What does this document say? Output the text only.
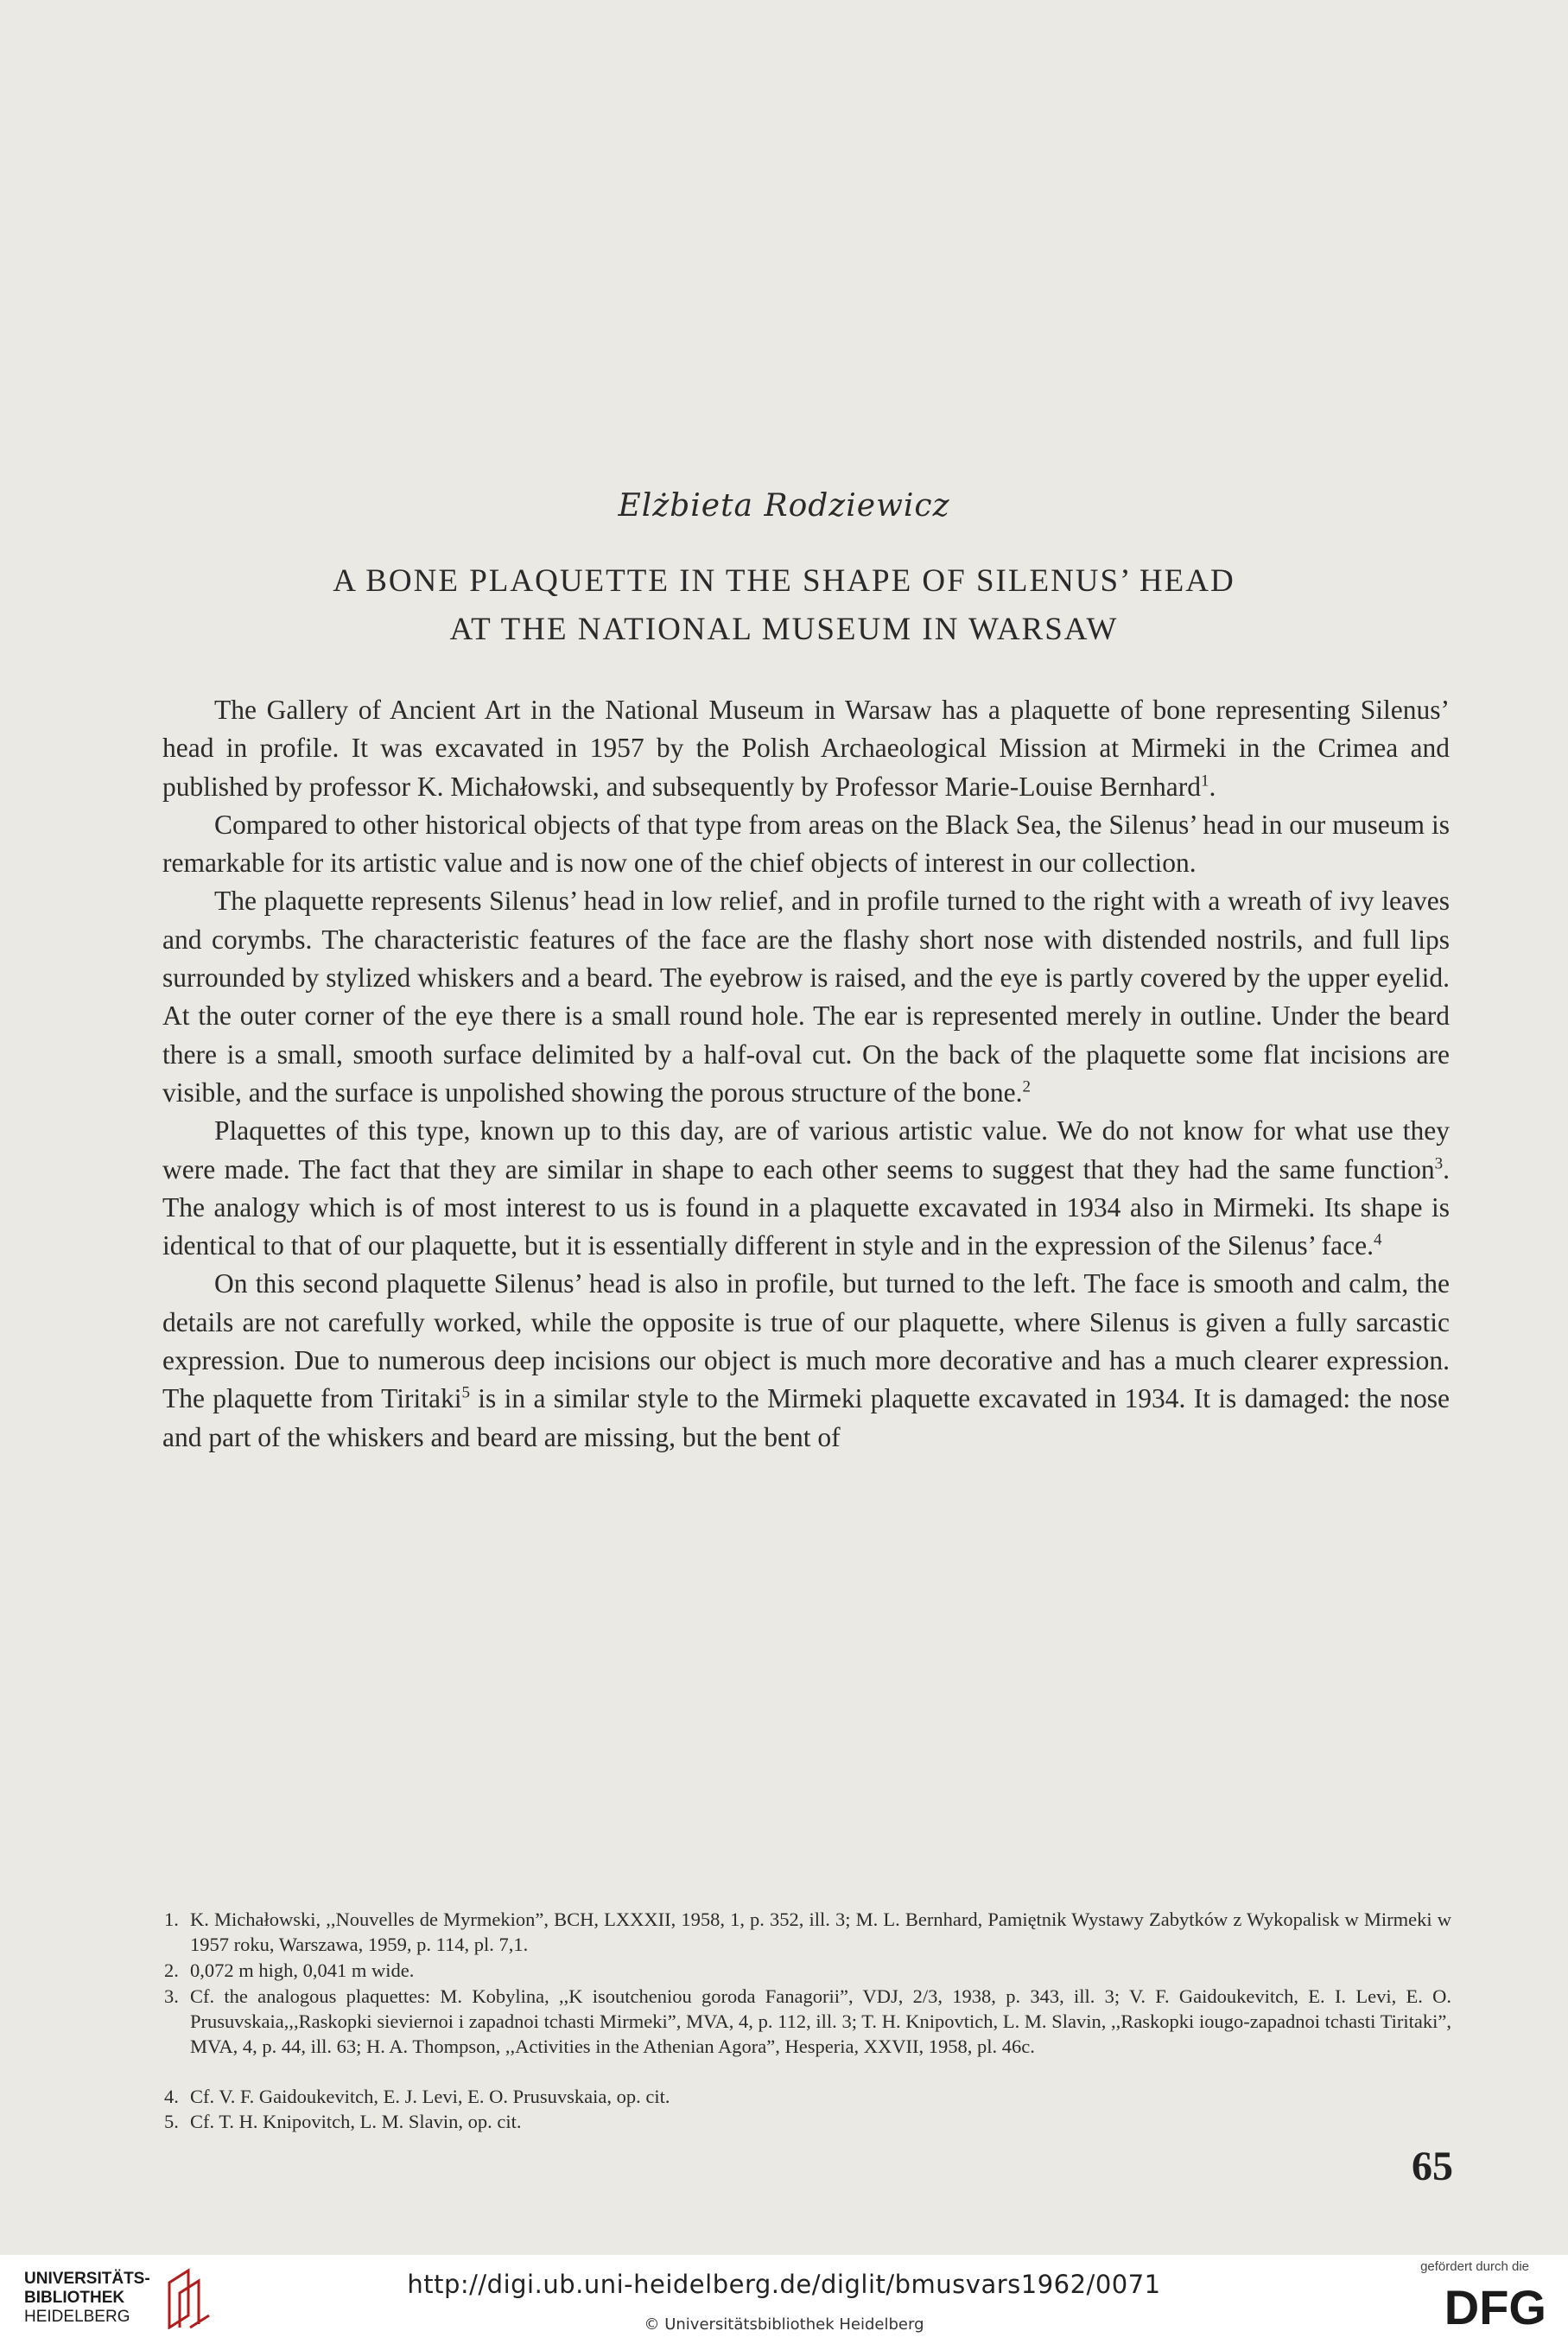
Elżbieta Rodziewicz
A BONE PLAQUETTE IN THE SHAPE OF SILENUS’ HEAD
AT THE NATIONAL MUSEUM IN WARSAW

The Gallery of Ancient Art in the National Museum in Warsaw has a plaquette of bone representing Silenus’ head in profile. It was excavated in 1957 by the Polish Archaeological Mission at Mirmeki in the Crimea and published by professor K. Michałowski, and subsequently by Professor Marie-Louise Bernhard$^1$.

Compared to other historical objects of that type from areas on the Black Sea, the Silenus’ head in our museum is remarkable for its artistic value and is now one of the chief objects of interest in our collection.

The plaquette represents Silenus’ head in low relief, and in profile turned to the right with a wreath of ivy leaves and corymbs. The characteristic features of the face are the flashy short nose with distended nostrils, and full lips surrounded by stylized whiskers and a beard. The eyebrow is raised, and the eye is partly covered by the upper eyelid. At the outer corner of the eye there is a small round hole. The ear is represented merely in outline. Under the beard there is a small, smooth surface delimited by a half-oval cut. On the back of the plaquette some flat incisions are visible, and the surface is unpolished showing the porous structure of the bone.$^2$

Plaquettes of this type, known up to this day, are of various artistic value. We do not know for what use they were made. The fact that they are similar in shape to each other seems to suggest that they had the same function$^3$. The analogy which is of most interest to us is found in a plaquette excavated in 1934 also in Mirmeki. Its shape is identical to that of our plaquette, but it is essentially different in style and in the expression of the Silenus’ face.$^4$

On this second plaquette Silenus’ head is also in profile, but turned to the left. The face is smooth and calm, the details are not carefully worked, while the opposite is true of our plaquette, where Silenus is given a fully sarcastic expression. Due to numerous deep incisions our object is much more decorative and has a much clearer expression. The plaquette from Tiritaki$^5$ is in a similar style to the Mirmeki plaquette excavated in 1934. It is damaged: the nose and part of the whiskers and beard are missing, but the bent of

1. K. Michałowski, ,,Nouvelles de Myrmekion”, BCH, LXXXII, 1958, 1, p. 352, ill. 3; M. L. Bernhard, Pamiętnik Wystawy Zabytków z Wykopalisk w Mirmeki w 1957 roku, Warszawa, 1959, p. 114, pl. 7,1.
2. 0,072 m high, 0,041 m wide.
3. Cf. the analogous plaquettes: M. Kobylina, ,,K isoutcheniou goroda Fanagorii”, VDJ, 2/3, 1938, p. 343, ill. 3; V. F. Gaidoukevitch, E. I. Levi, E. O. Prusuvskaia,,,Raskopki sieviernoi i zapadnoi tchasti Mirmeki”, MVA, 4, p. 112, ill. 3; T. H. Knipovtich, L. M. Slavin, ,,Raskopki iougo-zapadnoi tchasti Tiritaki”, MVA, 4, p. 44, ill. 63; H. A. Thompson, ,,Activities in the Athenian Agora”, Hesperia, XXVII, 1958, pl. 46c.
4. Cf. V. F. Gaidoukevitch, E. J. Levi, E. O. Prusuvskaia, op. cit.
5. Cf. T. H. Knipovitch, L. M. Slavin, op. cit.
65
UNIVERSITÄTS-
BIBLIOTHEK
HEIDELBERG
http://digi.ub.uni-heidelberg.de/diglit/bmusvars1962/0071
© Universitätsbibliothek Heidelberg
gefördert durch die
DFG
